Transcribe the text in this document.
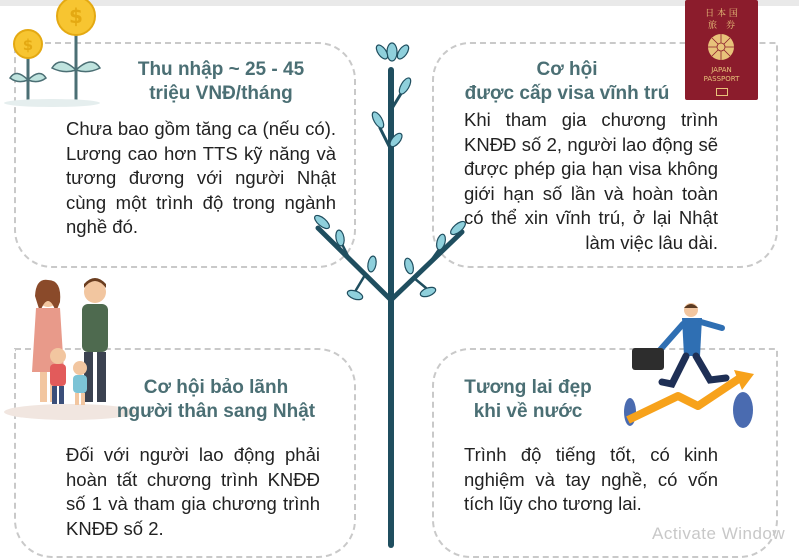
$
$
日 本 国
旅　券
JAPAN
PASSPORT
Thu nhập ~ 25 - 45
triệu VNĐ/tháng
Chưa bao gồm tăng ca (nếu có). Lương cao hơn TTS kỹ năng và tương đương với người Nhật cùng một trình độ trong ngành nghề đó.
Cơ hội
được cấp visa vĩnh trú
Khi tham gia chương trình KNĐĐ số 2, người lao động sẽ được phép gia hạn visa không giới hạn số lần và hoàn toàn có thể xin vĩnh trú, ở lại Nhật làm việc lâu dài.
Cơ hội bảo lãnh
người thân sang Nhật
Đối với người lao động phải hoàn tất chương trình KNĐĐ số 1 và tham gia chương trình KNĐĐ số 2.
Tương lai đẹp
khi về nước
Trình độ tiếng tốt, có kinh nghiệm và tay nghề, có vốn tích lũy cho tương lai.
Activate Window
